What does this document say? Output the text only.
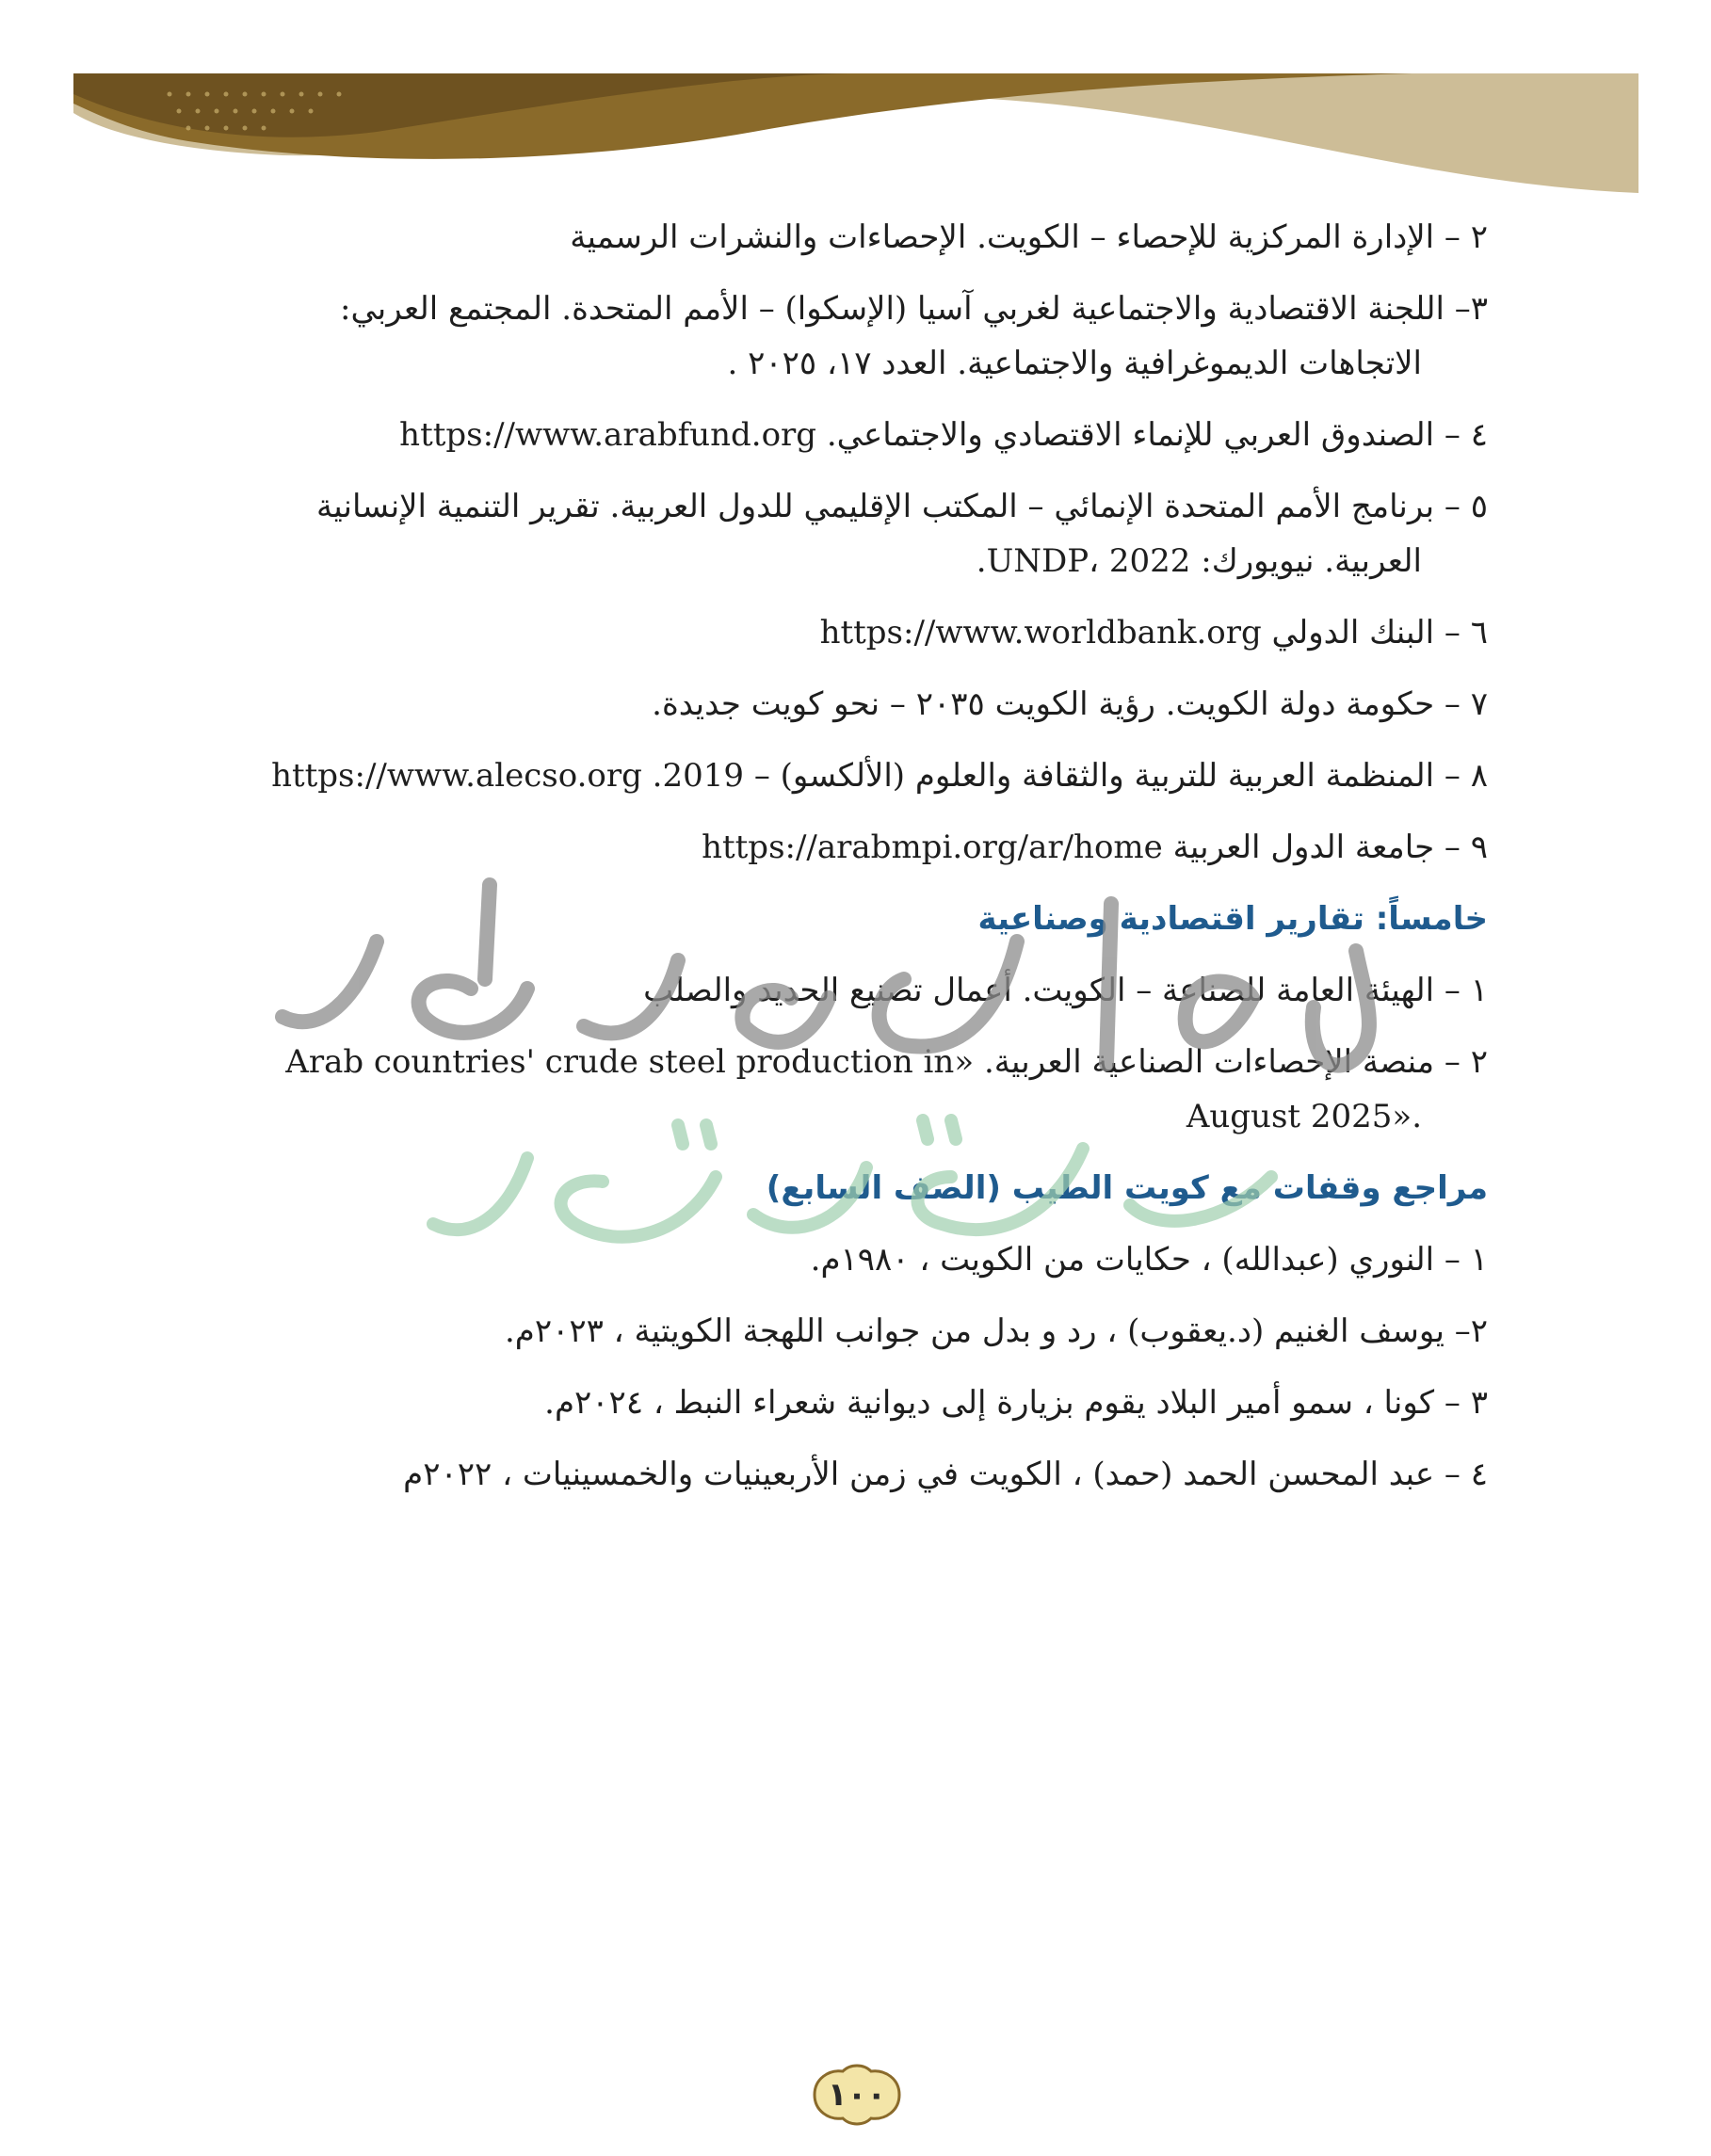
٢ – الإدارة المركزية للإحصاء – الكويت. الإحصاءات والنشرات الرسمية
٣– اللجنة الاقتصادية والاجتماعية لغربي آسيا (الإسكوا) – الأمم المتحدة. المجتمع العربي:
الاتجاهات الديموغرافية والاجتماعية. العدد ١٧، ٢٠٢٥ .
٤ – الصندوق العربي للإنماء الاقتصادي والاجتماعي. https://www.arabfund.org
٥ – برنامج الأمم المتحدة الإنمائي – المكتب الإقليمي للدول العربية. تقرير التنمية الإنسانية
العربية. نيويورك: UNDP، 2022.
٦ – البنك الدولي https://www.worldbank.org
٧ – حكومة دولة الكويت. رؤية الكويت ٢٠٣٥ – نحو كويت جديدة.
٨ – المنظمة العربية للتربية والثقافة والعلوم (الألكسو) – 2019. https://www.alecso.org
٩ – جامعة الدول العربية https://arabmpi.org/ar/home
خامساً: تقارير اقتصادية وصناعية
١ – الهيئة العامة للصناعة – الكويت. أعمال تصنيع الحديد والصلب
٢ – منصة الإحصاءات الصناعية العربية. «Arab countries' crude steel production in
August 2025».
مراجع وقفات مع كويت الطيب (الصف السابع)
١ – النوري (عبدالله) ، حكايات من الكويت ، ١٩٨٠م.
٢– يوسف الغنيم (د.يعقوب) ، رد و بدل من جوانب اللهجة الكويتية ، ٢٠٢٣م.
٣ – كونا ، سمو أمير البلاد يقوم بزيارة إلى ديوانية شعراء النبط ، ٢٠٢٤م.
٤ – عبد المحسن الحمد (حمد) ، الكويت في زمن الأربعينيات والخمسينيات ، ٢٠٢٢م
١٠٠
